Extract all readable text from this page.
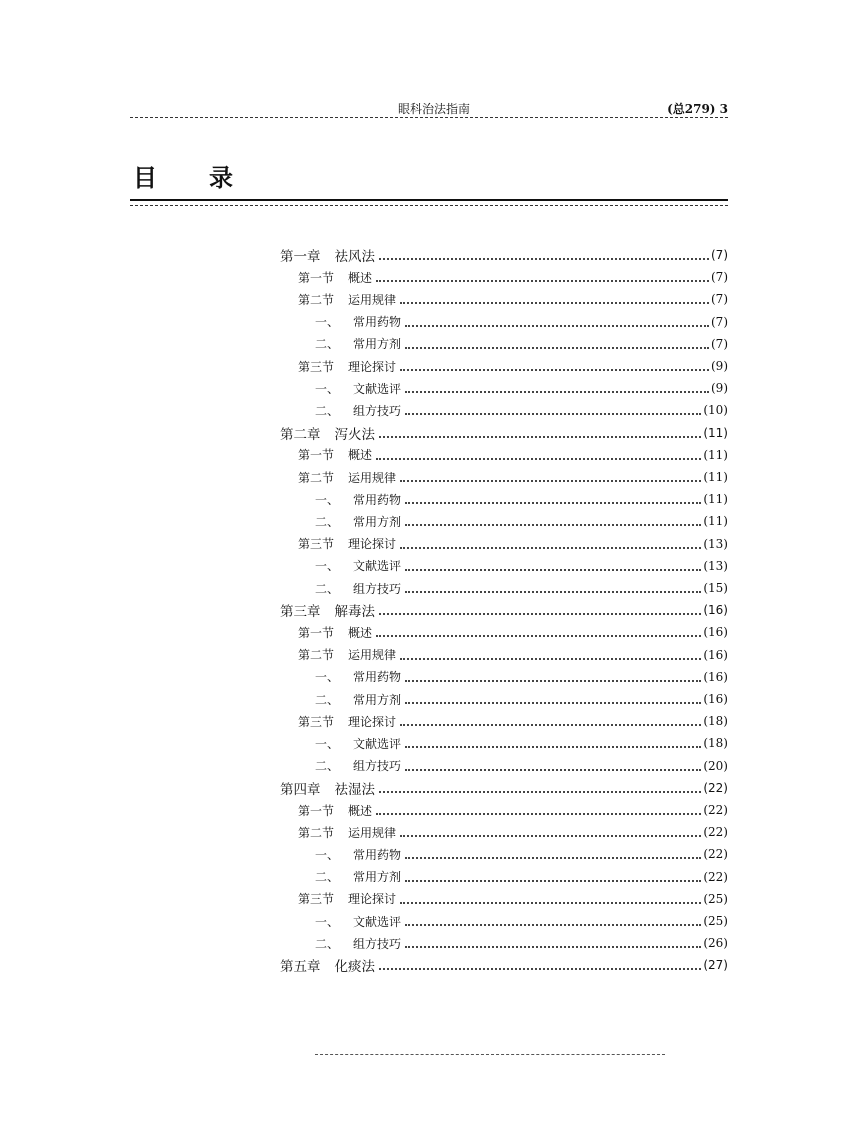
眼科治法指南	(总279) 3
目录
第一章 祛风法	(7)
第一节 概述	(7)
第二节 运用规律	(7)
一、 常用药物	(7)
二、 常用方剂	(7)
第三节 理论探讨	(9)
一、 文献选评	(9)
二、 组方技巧	(10)
第二章 泻火法	(11)
第一节 概述	(11)
第二节 运用规律	(11)
一、 常用药物	(11)
二、 常用方剂	(11)
第三节 理论探讨	(13)
一、 文献选评	(13)
二、 组方技巧	(15)
第三章 解毒法	(16)
第一节 概述	(16)
第二节 运用规律	(16)
一、 常用药物	(16)
二、 常用方剂	(16)
第三节 理论探讨	(18)
一、 文献选评	(18)
二、 组方技巧	(20)
第四章 祛湿法	(22)
第一节 概述	(22)
第二节 运用规律	(22)
一、 常用药物	(22)
二、 常用方剂	(22)
第三节 理论探讨	(25)
一、 文献选评	(25)
二、 组方技巧	(26)
第五章 化痰法	(27)
